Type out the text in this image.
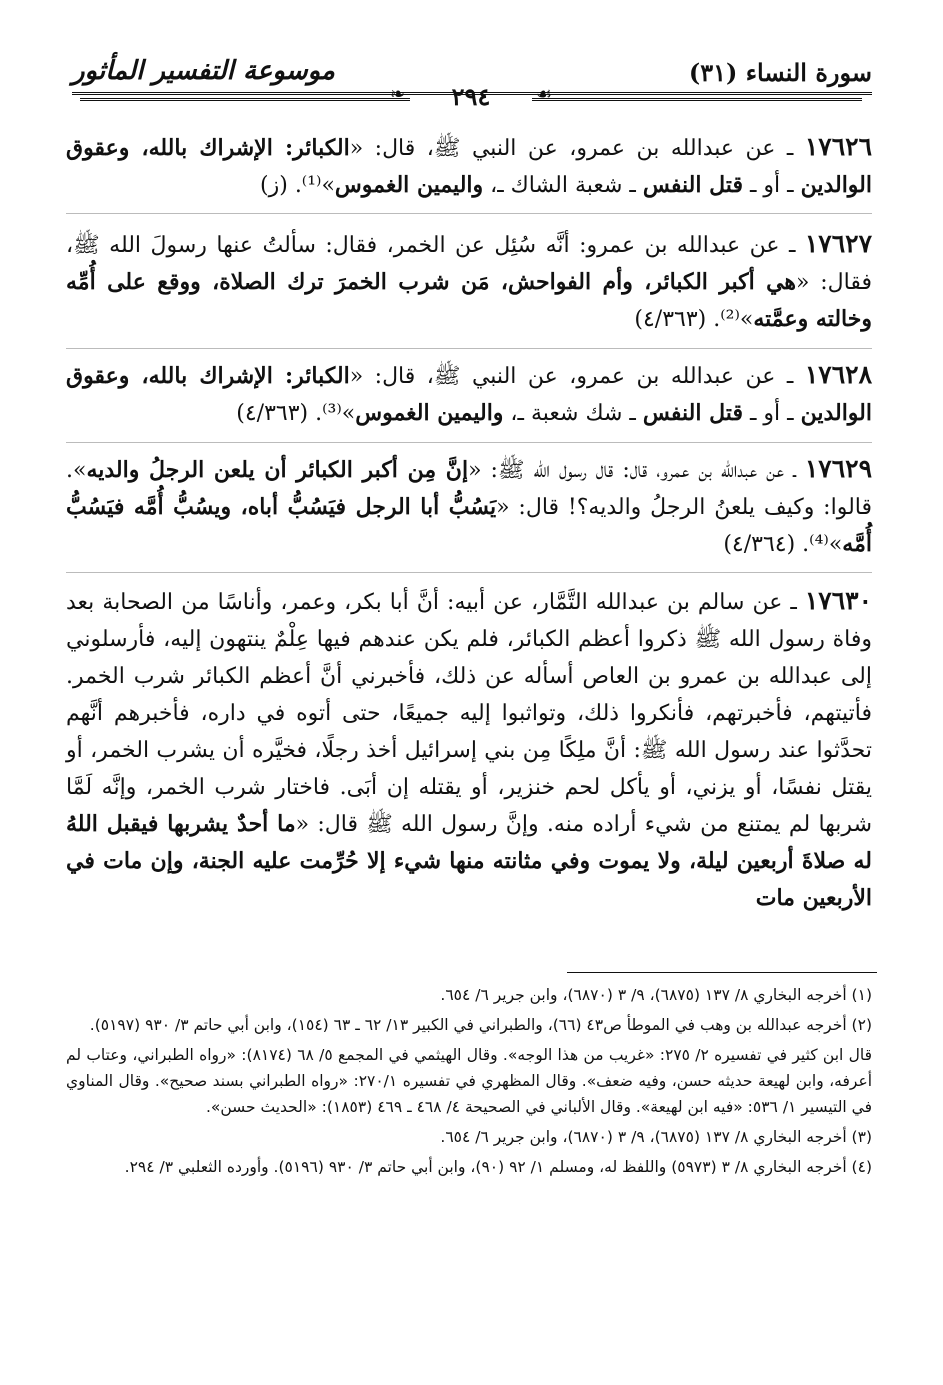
سورة النساء (٣١)
موسوعة التفسير المأثور
❧ ٢٩٤	☙
١٧٦٢٦ ـ عن عبدالله بن عمرو، عن النبي ﷺ، قال: «الكبائر: الإشراك بالله، وعقوق الوالدين ـ أو ـ قتل النفس ـ شعبة الشاك ـ، واليمين الغموس»⁽¹⁾. (ز)
١٧٦٢٧ ـ عن عبدالله بن عمرو: أنَّه سُئِل عن الخمر، فقال: سألتُ عنها رسولَ الله ﷺ، فقال: «هي أكبر الكبائر، وأم الفواحش، مَن شرب الخمرَ ترك الصلاة، ووقع على أُمِّه وخالته وعمَّته»⁽²⁾. (٤/٣٦٣)
١٧٦٢٨ ـ عن عبدالله بن عمرو، عن النبي ﷺ، قال: «الكبائر: الإشراك بالله، وعقوق الوالدين ـ أو ـ قتل النفس ـ شك شعبة ـ، واليمين الغموس»⁽³⁾. (٤/٣٦٣)
١٧٦٢٩ ـ عن عبدالله بن عمرو، قال: قال رسول الله ﷺ: «إنَّ مِن أكبر الكبائر أن يلعن الرجلُ والديه». قالوا: وكيف يلعنُ الرجلُ والديه؟! قال: «يَسُبُّ أبا الرجل فيَسُبُّ أباه، ويسُبُّ أُمَّه فيَسُبُّ أُمَّه»⁽⁴⁾. (٤/٣٦٤)
١٧٦٣٠ ـ عن سالم بن عبدالله التَّمَّار، عن أبيه: أنَّ أبا بكر، وعمر، وأناسًا من الصحابة بعد وفاة رسول الله ﷺ ذكروا أعظم الكبائر، فلم يكن عندهم فيها عِلْمٌ ينتهون إليه، فأرسلوني إلى عبدالله بن عمرو بن العاص أسأله عن ذلك، فأخبرني أنَّ أعظم الكبائر شرب الخمر. فأتيتهم، فأخبرتهم، فأنكروا ذلك، وتواثبوا إليه جميعًا، حتى أتوه في داره، فأخبرهم أنَّهم تحدَّثوا عند رسول الله ﷺ: أنَّ ملِكًا مِن بني إسرائيل أخذ رجلًا، فخيَّره أن يشرب الخمر، أو يقتل نفسًا، أو يزني، أو يأكل لحم خنزير، أو يقتله إن أبَى. فاختار شرب الخمر، وإنَّه لَمَّا شربها لم يمتنع من شيء أراده منه. وإنَّ رسول الله ﷺ قال: «ما أحدٌ يشربها فيقبل اللهُ له صلاةَ أربعين ليلة، ولا يموت وفي مثانته منها شيء إلا حُرِّمت عليه الجنة، وإن مات في الأربعين مات

(١) أخرجه البخاري ٨/ ١٣٧ (٦٨٧٥)، ٩/ ٣ (٦٨٧٠)، وابن جرير ٦/ ٦٥٤.

(٢) أخرجه عبدالله بن وهب في الموطأ ص٤٣ (٦٦)، والطبراني في الكبير ١٣/ ٦٢ ـ ٦٣ (١٥٤)، وابن أبي حاتم ٣/ ٩٣٠ (٥١٩٧).

قال ابن كثير في تفسيره ٢/ ٢٧٥: «غريب من هذا الوجه». وقال الهيثمي في المجمع ٥/ ٦٨ (٨١٧٤): «رواه الطبراني، وعتاب لم أعرفه، وابن لهيعة حديثه حسن، وفيه ضعف». وقال المظهري في تفسيره ٢٧٠/١: «رواه الطبراني بسند صحيح». وقال المناوي في التيسير ١/ ٥٣٦: «فيه ابن لهيعة». وقال الألباني في الصحيحة ٤/ ٤٦٨ ـ ٤٦٩ (١٨٥٣): «الحديث حسن».

(٣) أخرجه البخاري ٨/ ١٣٧ (٦٨٧٥)، ٩/ ٣ (٦٨٧٠)، وابن جرير ٦/ ٦٥٤.

(٤) أخرجه البخاري ٨/ ٣ (٥٩٧٣) واللفظ له، ومسلم ١/ ٩٢ (٩٠)، وابن أبي حاتم ٣/ ٩٣٠ (٥١٩٦). وأورده الثعلبي ٣/ ٢٩٤.
